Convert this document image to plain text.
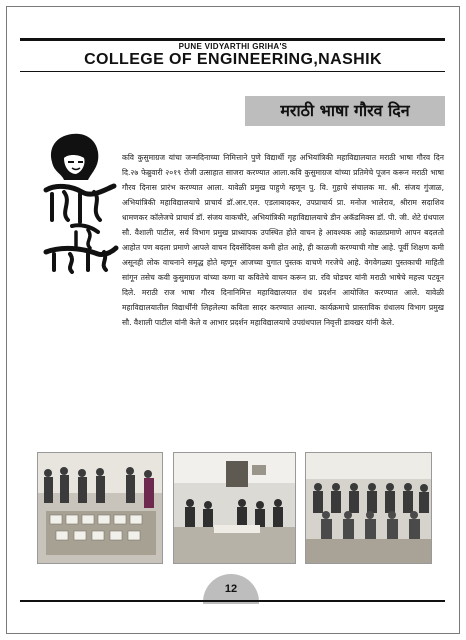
PUNE VIDYARTHI GRIHA'S
COLLEGE OF ENGINEERING,NASHIK
मराठी भाषा गौरव दिन

कवि कुसुमाग्रज यांचा जन्मदिनाच्या निमित्ताने पुणे विद्यार्थी गृह अभियांत्रिकी महाविद्यालयात मराठी भाषा गौरव दिन दि.२७ फेब्रुवारी २०१९ रोजी उत्साहात साजरा करण्यात आला.कवि कुसुमाग्रज यांच्या प्रतिमेचे पूजन करून मराठी भाषा गौरव दिनास प्रारंभ करण्यात आला. यावेळी प्रमुख पाहुणे म्हणून पु. वि. गुहाचे संचालक मा. श्री. संजय गुंजाळ, अभियांत्रिकी महाविद्यालयाचे प्राचार्य डॉ.आर.एल. एडलाबादकर, उपप्राचार्य प्रा. मनोज भालेराव, श्रीराम सदाशिव धामणकर कॉलेजचे प्राचार्य डॉ. संजय वाकचौरे, अभियांत्रिकी महाविद्यालयाचे डीन अकॅडमिक्स डॉ. पी. जी. शेटे ग्रंथपाल सौ. वैशाली पाटील, सर्व विभाग प्रमुख प्राध्यापक उपस्थित होते वाचन हे आवश्यक आहे काळाप्रमाणे आपन बदलतो आहोत पण बदला प्रमाणे आपले वाचन दिवसेंदिवस कमी होत आहे, ही काळजी करण्याची गोष्ट आहे. पूर्वी शिक्षण कमी असूनही लोक वाचनाने समृद्ध होते म्हणून आजच्या युगात पुस्तक वाचणे गरजेचे आहे. वेगवेगळ्या पुस्तकाची माहिती सांगून तसेच कवी कुसुमाग्रज यांच्या कणा या कवितेचे वाचन करून प्रा. रवि घोडचर यांनी मराठी भाषेचे महत्त्व पटवून दिले. मराठी राज भाषा गौरव दिनानिमित्त महाविद्यालयात ग्रंथ प्रदर्शन आयोजित करण्यात आले. यावेळी महाविद्यालयातील विद्यार्थींनी लिहलेल्या कविता सादर करण्यात आल्या. कार्यक्रमाचे प्रास्ताविक ग्रंथालय विभाग प्रमुख सौ. वैशाली पाटील यांनी केले व आभार प्रदर्शन महाविद्यालयाचे उपग्रंथपाल निवृत्ती डावखर यांनी केले.

12
